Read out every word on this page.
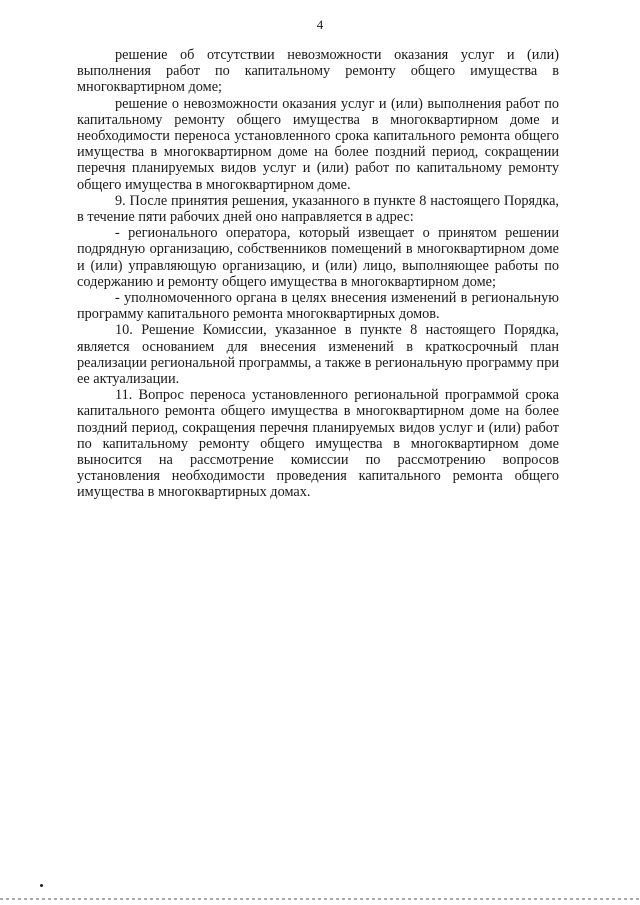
4

решение об отсутствии невозможности оказания услуг и (или) выполнения работ по капитальному ремонту общего имущества в многоквартирном доме;

решение о невозможности оказания услуг и (или) выполнения работ по капитальному ремонту общего имущества в многоквартирном доме и необходимости переноса установленного срока капитального ремонта общего имущества в многоквартирном доме на более поздний период, сокращении перечня планируемых видов услуг и (или) работ по капитальному ремонту общего имущества в многоквартирном доме.

9. После принятия решения, указанного в пункте 8 настоящего Порядка, в течение пяти рабочих дней оно направляется в адрес:

- регионального оператора, который извещает о принятом решении подрядную организацию, собственников помещений в многоквартирном доме и (или) управляющую организацию, и (или) лицо, выполняющее работы по содержанию и ремонту общего имущества в многоквартирном доме;

- уполномоченного органа в целях внесения изменений в региональную программу капитального ремонта многоквартирных домов.

10. Решение Комиссии, указанное в пункте 8 настоящего Порядка, является основанием для внесения изменений в краткосрочный план реализации региональной программы, а также в региональную программу при ее актуализации.

11. Вопрос переноса установленного региональной программой срока капитального ремонта общего имущества в многоквартирном доме на более поздний период, сокращения перечня планируемых видов услуг и (или) работ по капитальному ремонту общего имущества в многоквартирном доме выносится на рассмотрение комиссии по рассмотрению вопросов установления необходимости проведения капитального ремонта общего имущества в многоквартирных домах.
